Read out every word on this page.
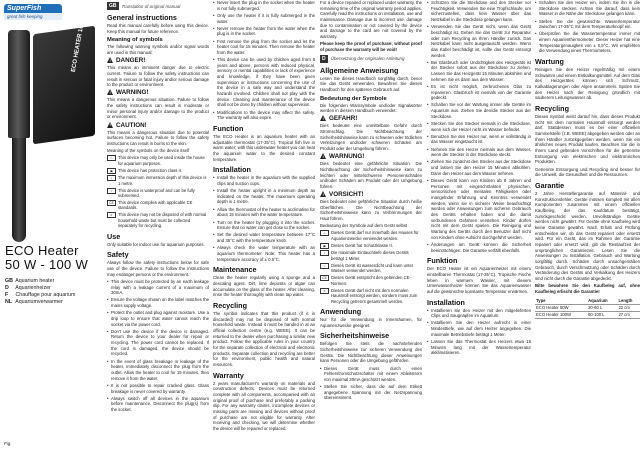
SuperFish
great fish keeping	ECO HEATER 100W
ECO Heater
50 W - 100 W
GB Aquarium heater
D Aquarienheizer
F Chauffage pour aquarium
NL Aquariumverwarmer
Fig.
GB	Translation of original manual
General instructions

Read this manual carefully before using this device. Keep this manual for future reference.

Meaning of symbols

The following warning symbols and/or signal words are used in this manual:

!
DANGER!

This means an imminent danger due to electric current. Failure to follow the safety instructions can result in serious or fatal injury and/or serious damage to the product or environment.

!
WARNING!

This means a dangerous situation. Failure to follow the safety instructions can result in moderate or minor personal injury and/or damage to the product or environment.

!
CAUTION!

This means a dangerous situation due to potential surfaces becoming hot. Failure to follow the safety instructions can result in burns to the skin.

Meaning of the symbols on the device itself

⌂	This device may only be used inside the house for aquarium purposes.
▣	This device has protection class II.
↕	The maximum immersion depth of this device is 1 metre.
≈	This device is waterproof and can be fully submersed.
CE	This device complies with applicable CE standards.
✕	This device may not be disposed of with normal household waste but must be collected separately for recycling.
Use

Only suitable for indoor use for aquarium purposes.

Safety

Always follow the safety instructions below for safe use of the device. Failure to follow the instructions may endanger persons or the environment.

• This device must be protected by an earth leakage relay with a leakage current of a maximum of 30mA.
• Ensure the voltage shown on the label matches the mains supply voltage.
• Protect the outlet and plug against moisture. Use a drip loop to ensure that water cannot reach the socket via the power cord.
• Don't use the device if the device is damaged. Return the device to your dealer for repair or recycling. The power cord cannot be replaced. If the cord is damaged, the device should be recycled.
• In the event of glass breakage or leakage of the heater, immediately disconnect the plug from the outlet. Allow the heater to cool for 15 minutes, then remove it from the water.
• It is not possible to repair cracked glass. Glass breakage is never covered by warranty.
• Always switch off all devices in the aquarium before maintenance. Disconnect the plug(s) from the socket.
• Never insert the plug in the socket when the heater is not fully submerged.
• Only use the heater if it is fully submerged in the water.
• Never remove the heater from the water when the plug is in the socket.
• First remove the plug from the socket and let the heater cool for 15 minutes. Then remove the heater from the water.
• This device can be used by children aged from 8 years and above, persons with reduced physical, sensory or mental capabilities or lack of experience and knowledge, if they have been given supervision or instructions concerning the use of the device in a safe way and understand the hazards involved. Children shall not play with the device. Cleaning and maintenance of the device shall not be done by children without supervision.
• Modifications to the device may affect the safety. The warranty will also expire.
Function

The ECO Heater is an aquarium heater with an adjustable thermostat (17-35°C). Tropical fish live in warm water; with this underwater heater you can heat the aquarium water to the desired constant temperature.

Installation
• Install the heater in the aquarium with the supplied clips and suction cups.
• Install the heater upright in a minimum depth as indicated on the heater. The maximum operating depth is 1 metre.
• Allow the thermostat of the heater to acclimatise for about 15 minutes with the water temperature.
• Turn on the heater by plugging it into the socket. Ensure that no water can get close to the socket.
• Set the desired water temperature between 17°C and 35°C with the temperature knob.
• Always check the water temperature with an aquarium thermometer. Note: This heater has a temperature accuracy of ± 0.5°C.
Maintenance

Clean the heater regularly using a sponge and a descaling agent. Dirt, lime deposits or algae can accumulate on the glass of the heater. After cleaning, rinse the heater thoroughly with clean tap water.

Recycling

The symbol indicates that this product (if it is discarded) may not be disposed of with normal household waste. Instead it must be handed in at an official collection centre (e.g. WEEE). It can be returned to the dealer when purchasing a similar new product. Follow the applicable rules in your country for the separate collection of electrical and electronic products. Separate collection and recycling are better for the environment, public health and natural resources.

Warranty

2 years manufacturer's warranty on materials and construction defects. Devices must be returned complete with all components, accompanied with an original proof of purchase and preferably a packing slip. For any warranty claims, incomplete devices or missing parts are missing and devices without proof of purchase are not eligible for warranty. After receiving and checking, we will determine whether the device will be repaired or replaced.

For a device repaired or replaced under warranty, the remaining time of the original warranty period applies. Carefully read the instructions on installation, use and maintenance. Damage due to incorrect use, damage due to contamination or not covered by the device and damage to the card are not covered by the warranty.

Please keep the proof of purchase; without proof of purchase the warranty will be void!

D	Übersetzung der originalen Anleitung
Allgemeine Anweisung

Lesen Sie dieses Handbuch sorgfältig durch, bevor Sie das Gerät verwenden. Bewahren Sie dieses Handbuch für den späteren Gebrauch auf.

Bedeutung der Symbole

Die folgenden Warnsymbole und/oder Signalwörter werden in diesem Handbuch verwendet:

!
GEFAHR!

Dies bedeutet eine unmittelbare Gefahr durch Stromschlag. Die Nichtbeachtung der Sicherheitshinweise kann zu schweren oder tödlichen Verletzungen und/oder schweren Schäden am Produkt oder der Umgebung führen.

!
WARNUNG!

Dies bedeutet eine gefährliche Situation. Die Nichtbeachtung der Sicherheitshinweise kann zu leichten oder mittelschweren Personenschäden und/oder Schäden am Produkt oder der Umgebung führen.

!
VORSICHT!

Dies bedeutet eine gefährliche Situation durch heiße Oberflächen. Die Nichtbeachtung der Sicherheitshinweise kann zu Verbrennungen der Haut führen.

Bedeutung der Symbole auf dem Gerät selbst

⌂	Dieses Gerät darf nur innerhalb des Hauses für Aquarienzwecke verwendet werden.
▣	Dieses Gerät hat Schutzklasse II.
↕	Die maximale Eintauchtiefe dieses Geräts beträgt 1 Meter.
≈	Dieses Gerät ist wasserdicht und kann unter Wasser verwendet werden.
CE	Dieses Gerät entspricht den geltenden CE-Normen.
✕	Dieses Gerät darf nicht mit dem normalen Hausmüll entsorgt werden, sondern muss zum Recycling getrennt gesammelt werden.
Anwendung

Nur für die Verwendung in Innenräumen, für Aquarienzwecke geeignet.

Sicherheitshinweise

Befolgen Sie stets die nachstehenden Sicherheitshinweise zur sicheren Verwendung des Geräts. Die Nichtbeachtung dieser Anweisungen kann Personen oder die Umgebung gefährden.

• Dieses Gerät muss durch einen Fehlerstromschutzschalter mit einem Ableitstrom von maximal 30mA geschützt werden.
• Stellen Sie sicher, dass die auf dem Etikett angegebene Spannung mit der Netzspannung übereinstimmt.
• Schützen Sie die Steckdose und den Stecker vor Feuchtigkeit. Verwenden Sie eine Tropfschlaufe, um sicherzustellen, dass kein Wasser über das Netzkabel in die Steckdose gelangen kann.
• Verwenden Sie das Gerät nicht, wenn das Gerät beschädigt ist. Geben Sie das Gerät zur Reparatur oder zum Recycling an Ihren Händler zurück. Das Netzkabel kann nicht ausgetauscht werden. Wenn das Kabel beschädigt ist, sollte das Gerät entsorgt werden.
• Bei Glasbruch oder Undichtigkeit des Heizgeräts ist der Stecker sofort aus der Steckdose zu ziehen. Lassen Sie das Heizgerät 15 Minuten abkühlen und nehmen Sie es dann aus dem Wasser.
• Es ist nicht möglich, zerbrochenes Glas zu reparieren. Glasbruch ist niemals von der Garantie gedeckt.
• Schalten Sie vor der Wartung immer alle Geräte im Aquarium aus. Ziehen Sie den/die Stecker aus der Steckdose.
• Stecken Sie den Stecker niemals in die Steckdose, wenn sich der Heizer nicht im Wasser befindet.
• Benutzen Sie den Heizer nur, wenn er vollständig in das Wasser eingetaucht ist.
• Nehmen Sie den Heizer niemals aus dem Wasser, wenn der Stecker in der Steckdose steckt.
• Ziehen Sie zunächst den Stecker aus der Steckdose und lassen Sie den Heizer 15 Minuten abkühlen. Dann den Heizer aus dem Wasser nehmen.
• Dieses Gerät kann von Kindern ab 8 Jahren und Personen mit eingeschränkten physischen, sensorischen oder mentalen Fähigkeiten oder mangelnder Erfahrung und Kenntnis verwendet werden, wenn sie in sicherer Weise beaufsichtigt werden oder Anweisungen zum sicheren Gebrauch des Geräts erhalten haben und die damit verbundenen Gefahren verstehen. Kinder dürfen nicht mit dem Gerät spielen. Die Reinigung und Wartung des Geräts durch den Benutzer darf nicht von Kindern ohne Aufsicht durchgeführt werden.
• Änderungen am Gerät können die Sicherheit beeinträchtigen. Die Garantie verfällt ebenfalls.
Funktion

Der ECO Heater ist ein Aquarienheizer mit einem einstellbaren Thermostat (17-35°C). Tropische Fische leben in warmem Wasser, mit diesem Unterwasserheizer können Sie das Aquarienwasser auf die gewünschte konstante Temperatur erwärmen.

Installation
• Installieren Sie den Heizer mit den mitgelieferten Clips und Saugnäpfen im Aquarium.
• Installieren Sie den Heizer aufrecht in einer Mindesttiefe, wie auf dem Heizer angegeben. Die maximale Betriebstiefe beträgt 1 Meter.
• Lassen Sie das Thermostat des Heizers etwa 15 Minuten lang mit der Wassertemperatur akklimatisieren.
• Schalten Sie den Heizer ein, indem Sie ihn in die Steckdose stecken. Achten Sie darauf, dass kein Wasser in die Nähe der Steckdose gelangen kann.
• Stellen Sie die gewünschte Wassertemperatur zwischen 17-35°C mit dem Temperaturknopf ein.
• Überprüfen Sie die Wassertemperatur immer mit einem Aquarienthermometer. Dieser Heizer hat eine Temperaturgenauigkeit von ± 0,5°C. Wir empfehlen die Verwendung eines Thermometers.
Wartung

Reinigen Sie den Heizer regelmäßig mit einem Schwamm und einem Entkalkungsmittel. Auf dem Glas des Heizgerätes können sich Schmutz, Kalkablagerungen oder Algen ansammeln. Spülen Sie den Heizer nach der Reinigung gründlich mit sauberem Leitungswasser ab.

Recycling

Dieses Symbol weist darauf hin, dass dieses Produkt nicht mit dem normalen Hausmüll entsorgt werden darf. Stattdessen muss es bei einer offiziellen Sammelstelle (z.B. WEEE) abgegeben werden oder an Ihren Händler zurückgegeben werden, wenn Sie ein ähnliches neues Produkt kaufen. Beachten Sie die in Ihrem Land geltenden Vorschriften für die getrennte Entsorgung von elektrischen und elektronischen Produkten.

Getrennte Entsorgung und Recycling sind besser für die Umwelt, die Gesundheit und die Ressourcen.

Garantie

2 Jahre Herstellergarantie auf Material- und Konstruktionsfehler. Geräte müssen komplett mit allen Komponenten zusammen mit einem offiziellen Kaufbeleg, der das Kaufdatum bestätigt, zurückgeschickt werden. Unvollständige Geräte werden nicht gewährt. Für Geräte ohne Kaufbeleg wird keine Garantie gewährt. Nach Erhalt und Prüfung entscheiden wir, ob das Gerät repariert oder ersetzt wird. Für ein Gerät, das im Rahmen der Garantie repariert oder ersetzt wird, gilt die Restlaufzeit der ursprünglichen Garantiezeit. Lesen Sie die Anweisungen zu Installation, Gebrauch und Wartung sorgfältig durch. Schäden durch unsachgemäßen Gebrauch, durch Verschmutzung oder Schäden durch Veränderung des Geräts und Verkalkung des Heizers sind nicht durch die Garantie abgedeckt.

Bitte bewahren Sie den Kaufbeleg auf, ohne Kaufbeleg erlischt die Garantie!

Type	Aquarium	Length
ECO Heater 50W	20-60 L	22 cm
ECO Heater 100W	60-100 L	27 cm
